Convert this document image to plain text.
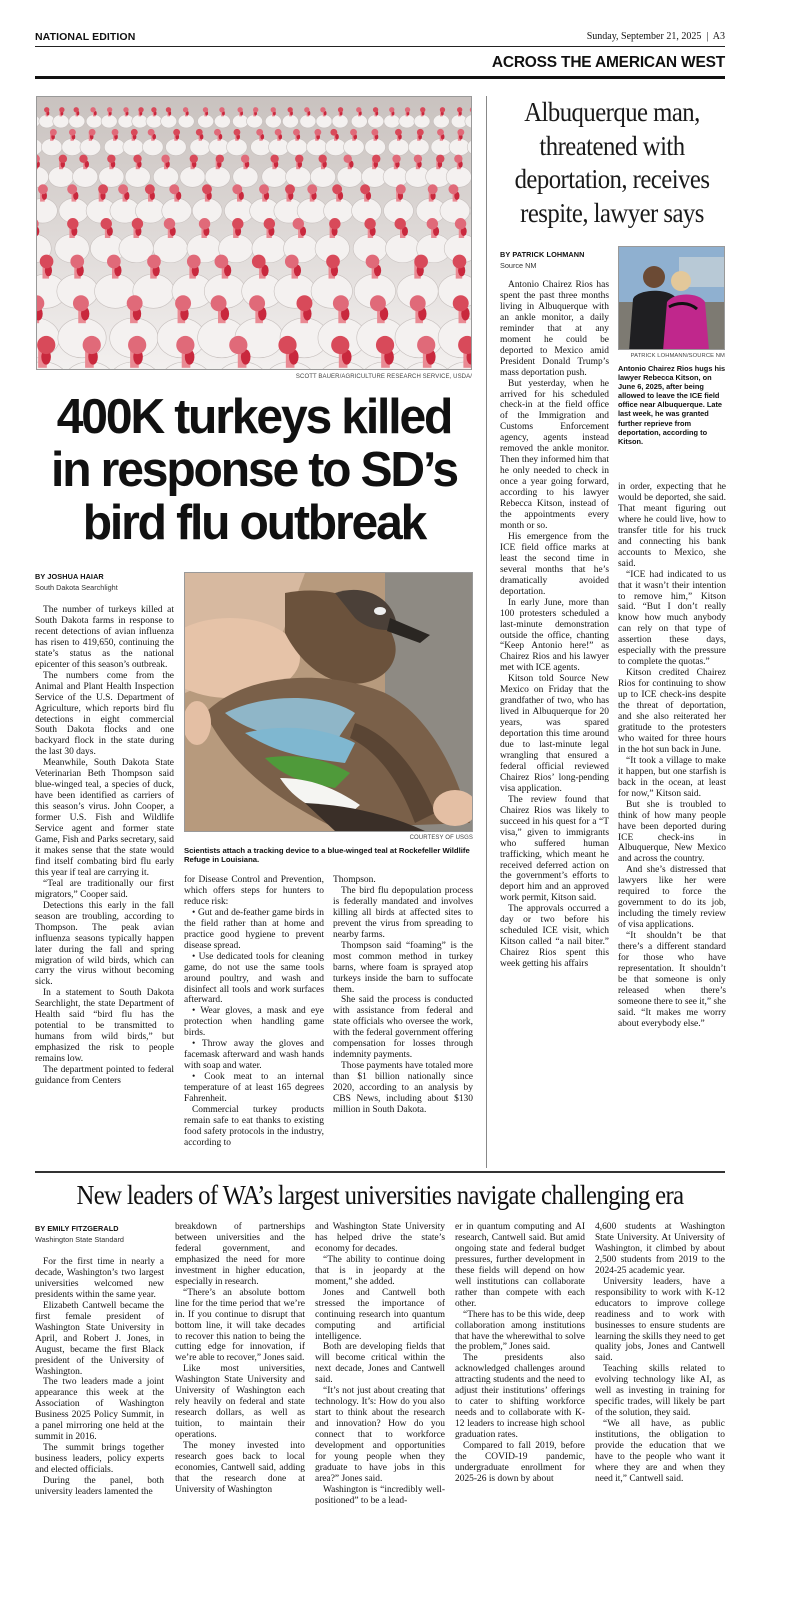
NATIONAL EDITION	Sunday, September 21, 2025  |  A3
ACROSS THE AMERICAN WEST
SCOTT BAUER/AGRICULTURE RESEARCH SERVICE, USDA/
400K turkeys killed in response to SD’s bird flu outbreak
BY JOSHUA HAIAR
South Dakota Searchlight

The number of turkeys killed at South Dakota farms in response to recent detections of avian influenza has risen to 419,650, continuing the state’s status as the national epicenter of this season’s outbreak.

The numbers come from the Animal and Plant Health Inspection Service of the U.S. Department of Agriculture, which reports bird flu detections in eight commercial South Dakota flocks and one backyard flock in the state during the last 30 days.

Meanwhile, South Dakota State Veterinarian Beth Thompson said blue-winged teal, a species of duck, have been identified as carriers of this season’s virus. John Cooper, a former U.S. Fish and Wildlife Service agent and former state Game, Fish and Parks secretary, said it makes sense that the state would find itself combating bird flu early this year if teal are carrying it.

“Teal are traditionally our first migrators,” Cooper said.

Detections this early in the fall season are troubling, according to Thompson. The peak avian influenza seasons typically happen later during the fall and spring migration of wild birds, which can carry the virus without becoming sick.

In a statement to South Dakota Searchlight, the state Department of Health said “bird flu has the potential to be transmitted to humans from wild birds,” but emphasized the risk to people remains low.

The department pointed to federal guidance from Centers

COURTESY OF USGS
Scientists attach a tracking device to a blue-winged teal at Rockefeller Wildlife Refuge in Louisiana.

for Disease Control and Prevention, which offers steps for hunters to reduce risk:

• Gut and de-feather game birds in the field rather than at home and practice good hygiene to prevent disease spread.

• Use dedicated tools for cleaning game, do not use the same tools around poultry, and wash and disinfect all tools and work surfaces afterward.

• Wear gloves, a mask and eye protection when handling game birds.

• Throw away the gloves and facemask afterward and wash hands with soap and water.

• Cook meat to an internal temperature of at least 165 degrees Fahrenheit.

Commercial turkey products remain safe to eat thanks to existing food safety protocols in the industry, according to

Thompson.

The bird flu depopulation process is federally mandated and involves killing all birds at affected sites to prevent the virus from spreading to nearby farms.

Thompson said “foaming” is the most common method in turkey barns, where foam is sprayed atop turkeys inside the barn to suffocate them.

She said the process is conducted with assistance from federal and state officials who oversee the work, with the federal government offering compensation for losses through indemnity payments.

Those payments have totaled more than $1 billion nationally since 2020, according to an analysis by CBS News, including about $130 million in South Dakota.

Albuquerque man, threatened with deportation, receives respite, lawyer says
BY PATRICK LOHMANN
Source NM
PATRICK LOHMANN/SOURCE NM
Antonio Chairez Rios hugs his lawyer Rebecca Kitson, on June 6, 2025, after being allowed to leave the ICE field office near Albuquerque. Late last week, he was granted further reprieve from deportation, according to Kitson.

Antonio Chairez Rios has spent the past three months living in Albuquerque with an ankle monitor, a daily reminder that at any moment he could be deported to Mexico amid President Donald Trump’s mass deportation push.

But yesterday, when he arrived for his scheduled check-in at the field office of the Immigration and Customs Enforcement agency, agents instead removed the ankle monitor. Then they informed him that he only needed to check in once a year going forward, according to his lawyer Rebecca Kitson, instead of the appointments every month or so.

His emergence from the ICE field office marks at least the second time in several months that he’s dramatically avoided deportation.

In early June, more than 100 protesters scheduled a last-minute demonstration outside the office, chanting “Keep Antonio here!” as Chairez Rios and his lawyer met with ICE agents.

Kitson told Source New Mexico on Friday that the grandfather of two, who has lived in Albuquerque for 20 years, was spared deportation this time around due to last-minute legal wrangling that ensured a federal official reviewed Chairez Rios’ long-pending visa application.

The review found that Chairez Rios was likely to succeed in his quest for a “T visa,” given to immigrants who suffered human trafficking, which meant he received deferred action on the government’s efforts to deport him and an approved work permit, Kitson said.

The approvals occurred a day or two before his scheduled ICE visit, which Kitson called “a nail biter.” Chairez Rios spent this week getting his affairs

in order, expecting that he would be deported, she said. That meant figuring out where he could live, how to transfer title for his truck and connecting his bank accounts to Mexico, she said.

“ICE had indicated to us that it wasn’t their intention to remove him,” Kitson said. “But I don’t really know how much anybody can rely on that type of assertion these days, especially with the pressure to complete the quotas.”

Kitson credited Chairez Rios for continuing to show up to ICE check-ins despite the threat of deportation, and she also reiterated her gratitude to the protesters who waited for three hours in the hot sun back in June.

“It took a village to make it happen, but one starfish is back in the ocean, at least for now,” Kitson said.

But she is troubled to think of how many people have been deported during ICE check-ins in Albuquerque, New Mexico and across the country.

And she’s distressed that lawyers like her were required to force the government to do its job, including the timely review of visa applications.

“It shouldn’t be that there’s a different standard for those who have representation. It shouldn’t be that someone is only released when there’s someone there to see it,” she said. “It makes me worry about everybody else.”

New leaders of WA’s largest universities navigate challenging era
BY EMILY FITZGERALD
Washington State Standard

For the first time in nearly a decade, Washington’s two largest universities welcomed new presidents within the same year.

Elizabeth Cantwell became the first female president of Washington State University in April, and Robert J. Jones, in August, became the first Black president of the University of Washington.

The two leaders made a joint appearance this week at the Association of Washington Business 2025 Policy Summit, in a panel mirroring one held at the summit in 2016.

The summit brings together business leaders, policy experts and elected officials.

During the panel, both university leaders lamented the

breakdown of partnerships between universities and the federal government, and emphasized the need for more investment in higher education, especially in research.

“There’s an absolute bottom line for the time period that we’re in. If you continue to disrupt that bottom line, it will take decades to recover this nation to being the cutting edge for innovation, if we’re able to recover,” Jones said.

Like most universities, Washington State University and University of Washington each rely heavily on federal and state research dollars, as well as tuition, to maintain their operations.

The money invested into research goes back to local economies, Cantwell said, adding that the research done at University of Washington

and Washington State University has helped drive the state’s economy for decades.

“The ability to continue doing that is in jeopardy at the moment,” she added.

Jones and Cantwell both stressed the importance of continuing research into quantum computing and artificial intelligence.

Both are developing fields that will become critical within the next decade, Jones and Cantwell said.

“It’s not just about creating that technology. It’s: How do you also start to think about the research and innovation? How do you connect that to workforce development and opportunities for young people when they graduate to have jobs in this area?” Jones said.

Washington is “incredibly well-positioned” to be a lead-

er in quantum computing and AI research, Cantwell said. But amid ongoing state and federal budget pressures, further development in these fields will depend on how well institutions can collaborate rather than compete with each other.

“There has to be this wide, deep collaboration among institutions that have the wherewithal to solve the problem,” Jones said.

The presidents also acknowledged challenges around attracting students and the need to adjust their institutions’ offerings to cater to shifting workforce needs and to collaborate with K-12 leaders to increase high school graduation rates.

Compared to fall 2019, before the COVID-19 pandemic, undergraduate enrollment for 2025-26 is down by about

4,600 students at Washington State University. At University of Washington, it climbed by about 2,500 students from 2019 to the 2024-25 academic year.

University leaders, have a responsibility to work with K-12 educators to improve college readiness and to work with businesses to ensure students are learning the skills they need to get quality jobs, Jones and Cantwell said.

Teaching skills related to evolving technology like AI, as well as investing in training for specific trades, will likely be part of the solution, they said.

“We all have, as public institutions, the obligation to provide the education that we have to the people who want it where they are and when they need it,” Cantwell said.
